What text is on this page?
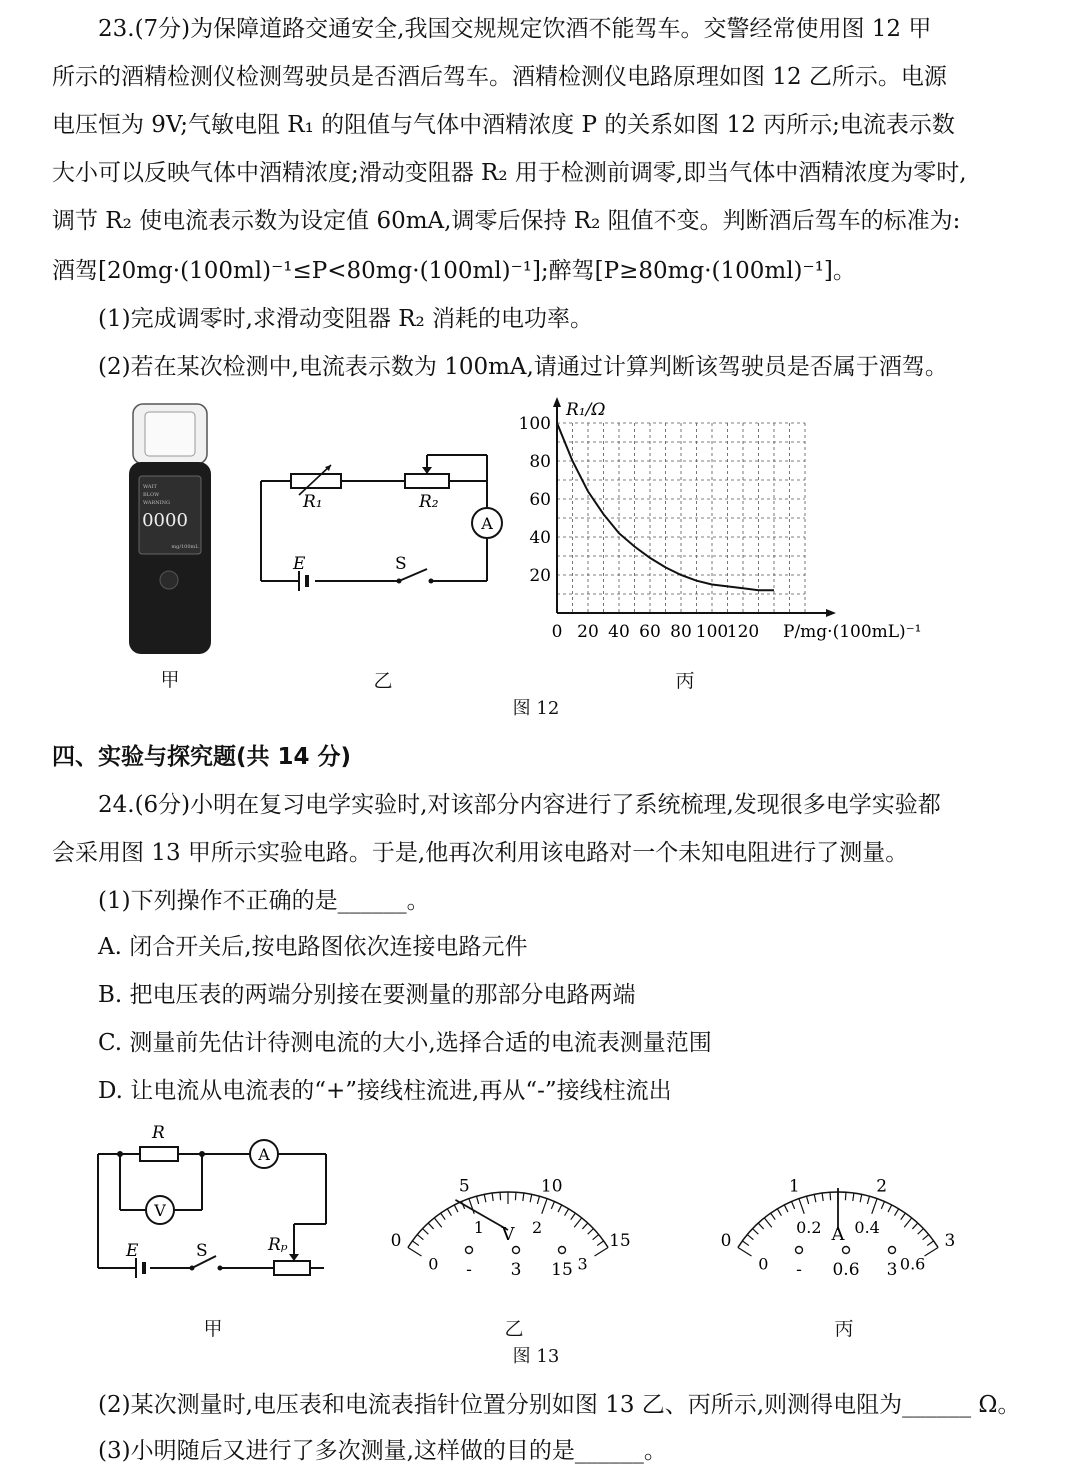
23.(7分)为保障道路交通安全,我国交规规定饮酒不能驾车。交警经常使用图 12 甲
所示的酒精检测仪检测驾驶员是否酒后驾车。酒精检测仪电路原理如图 12 乙所示。电源
电压恒为 9V;气敏电阻 R₁ 的阻值与气体中酒精浓度 P 的关系如图 12 丙所示;电流表示数
大小可以反映气体中酒精浓度;滑动变阻器 R₂ 用于检测前调零,即当气体中酒精浓度为零时,
调节 R₂ 使电流表示数为设定值 60mA,调零后保持 R₂ 阻值不变。判断酒后驾车的标准为:
酒驾[20mg·(100ml)⁻¹≤P<80mg·(100ml)⁻¹];醉驾[P≥80mg·(100ml)⁻¹]。
(1)完成调零时,求滑动变阻器 R₂ 消耗的电功率。
(2)若在某次检测中,电流表示数为 100mA,请通过计算判断该驾驶员是否属于酒驾。
0000
WAIT
BLOW
WARNING
mg/100mL
甲
A
R₁	R₂
E	S
乙
20
40
60
80
100
0 20 40 60 80 100
120
R₁/Ω
P/mg·(100mL)⁻¹
丙
图 12
四、实验与探究题(共 14 分)
24.(6分)小明在复习电学实验时,对该部分内容进行了系统梳理,发现很多电学实验都
会采用图 13 甲所示实验电路。于是,他再次利用该电路对一个未知电阻进行了测量。
(1)下列操作不正确的是______。
A. 闭合开关后,按电路图依次连接电路元件
B. 把电压表的两端分别接在要测量的那部分电路两端
C. 测量前先估计待测电流的大小,选择合适的电流表测量范围
D. 让电流从电流表的“+”接线柱流进,再从“-”接线柱流出
A
V
R
E	S	Rₚ
甲
0
5	10
15
0
1	2
3
V
- 3 15
乙
0
1	2
3
0
0.2 0.4
0.6
A
- 0.6 3
丙
图 13
(2)某次测量时,电压表和电流表指针位置分别如图 13 乙、丙所示,则测得电阻为______ Ω。
(3)小明随后又进行了多次测量,这样做的目的是______。
